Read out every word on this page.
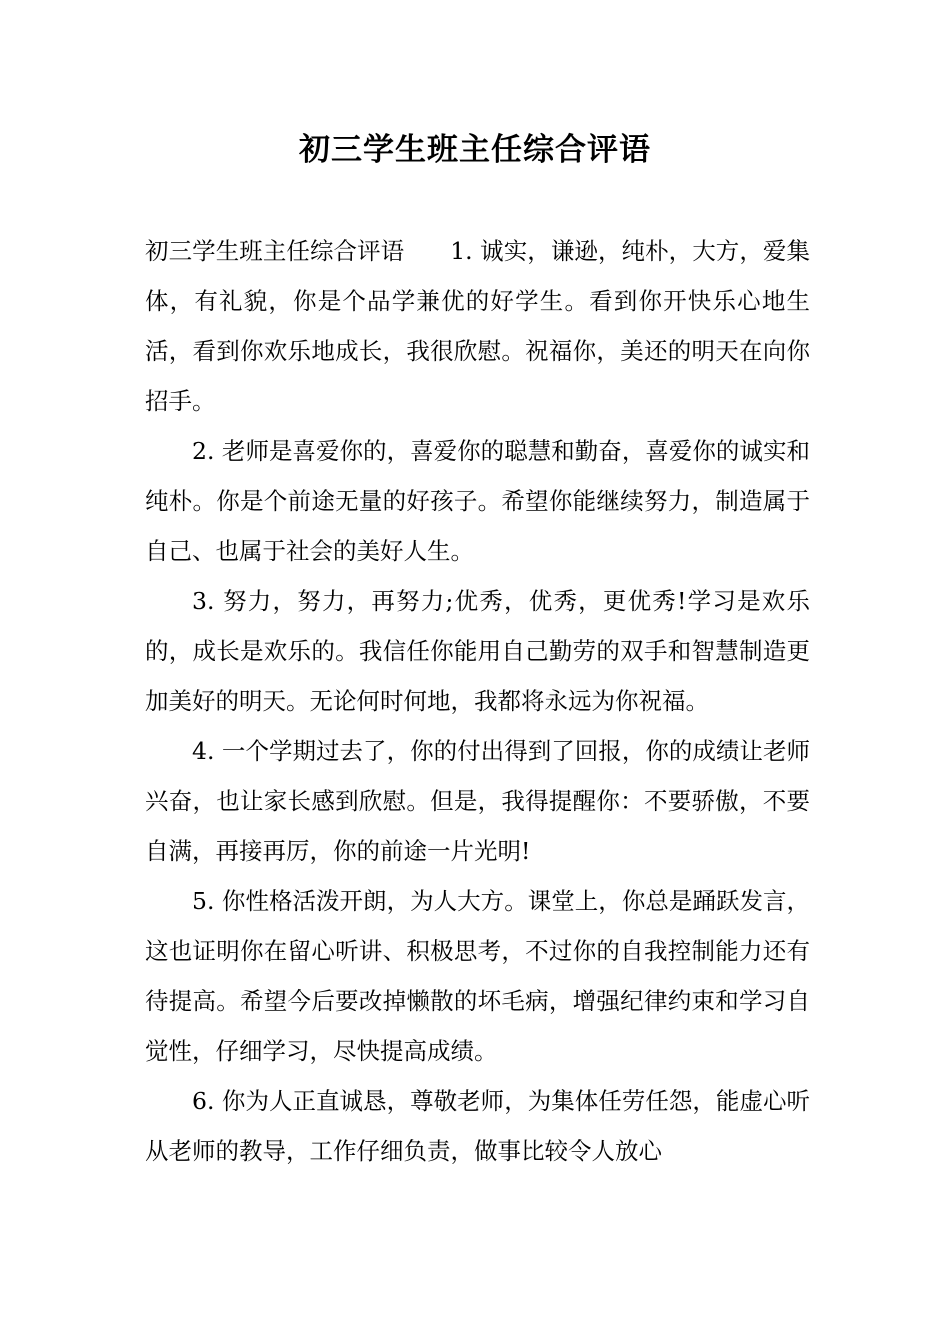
初三学生班主任综合评语

初三学生班主任综合评语 1. 诚实，谦逊，纯朴，大方，爱集体，有礼貌，你是个品学兼优的好学生。看到你开快乐心地生活，看到你欢乐地成长，我很欣慰。祝福你，美还的明天在向你招手。

2. 老师是喜爱你的，喜爱你的聪慧和勤奋，喜爱你的诚实和纯朴。你是个前途无量的好孩子。希望你能继续努力，制造属于自己、也属于社会的美好人生。

3. 努力，努力，再努力;优秀，优秀，更优秀!学习是欢乐的，成长是欢乐的。我信任你能用自己勤劳的双手和智慧制造更加美好的明天。无论何时何地，我都将永远为你祝福。

4. 一个学期过去了，你的付出得到了回报，你的成绩让老师兴奋，也让家长感到欣慰。但是，我得提醒你：不要骄傲，不要自满，再接再厉，你的前途一片光明!

5. 你性格活泼开朗，为人大方。课堂上，你总是踊跃发言，这也证明你在留心听讲、积极思考，不过你的自我控制能力还有待提高。希望今后要改掉懒散的坏毛病，增强纪律约束和学习自觉性，仔细学习，尽快提高成绩。

6. 你为人正直诚恳，尊敬老师，为集体任劳任怨，能虚心听从老师的教导，工作仔细负责，做事比较令人放心
